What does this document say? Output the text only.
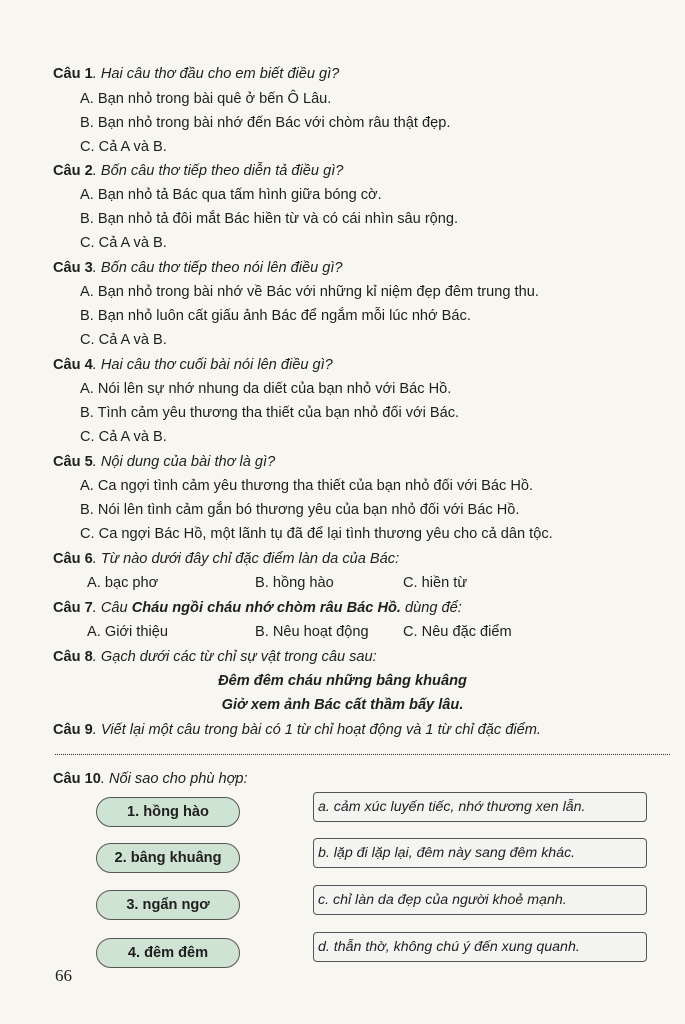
Câu 1. Hai câu thơ đầu cho em biết điều gì?
A. Bạn nhỏ trong bài quê ở bến Ô Lâu.
B. Bạn nhỏ trong bài nhớ đến Bác với chòm râu thật đẹp.
C. Cả A và B.
Câu 2. Bốn câu thơ tiếp theo diễn tả điều gì?
A. Bạn nhỏ tả Bác qua tấm hình giữa bóng cờ.
B. Bạn nhỏ tả đôi mắt Bác hiền từ và có cái nhìn sâu rộng.
C. Cả A và B.
Câu 3. Bốn câu thơ tiếp theo nói lên điều gì?
A. Bạn nhỏ trong bài nhớ về Bác với những kỉ niệm đẹp đêm trung thu.
B. Bạn nhỏ luôn cất giấu ảnh Bác để ngắm mỗi lúc nhớ Bác.
C. Cả A và B.
Câu 4. Hai câu thơ cuối bài nói lên điều gì?
A. Nói lên sự nhớ nhung da diết của bạn nhỏ với Bác Hồ.
B. Tình cảm yêu thương tha thiết của bạn nhỏ đối với Bác.
C. Cả A và B.
Câu 5. Nội dung của bài thơ là gì?
A. Ca ngợi tình cảm yêu thương tha thiết của bạn nhỏ đối với Bác Hồ.
B. Nói lên tình cảm gắn bó thương yêu của bạn nhỏ đối với Bác Hồ.
C. Ca ngợi Bác Hồ, một lãnh tụ đã để lại tình thương yêu cho cả dân tộc.
Câu 6. Từ nào dưới đây chỉ đặc điểm làn da của Bác:
A. bạc phơ	B. hồng hào	C. hiền từ
Câu 7. Câu Cháu ngồi cháu nhớ chòm râu Bác Hồ. dùng để:
A. Giới thiệu	B. Nêu hoạt động C. Nêu đặc điểm
Câu 8. Gạch dưới các từ chỉ sự vật trong câu sau:
Đêm đêm cháu những bâng khuâng
Giở xem ảnh Bác cất thầm bấy lâu.
Câu 9. Viết lại một câu trong bài có 1 từ chỉ hoạt động và 1 từ chỉ đặc điểm.
Câu 10. Nối sao cho phù hợp:
1. hồng hào
2. bâng khuâng
3. ngẩn ngơ
4. đêm đêm
a. cảm xúc luyến tiếc, nhớ thương xen lẫn.
b. lặp đi lặp lại, đêm này sang đêm khác.
c. chỉ làn da đẹp của người khoẻ mạnh.
d. thẫn thờ, không chú ý đến xung quanh.
66
